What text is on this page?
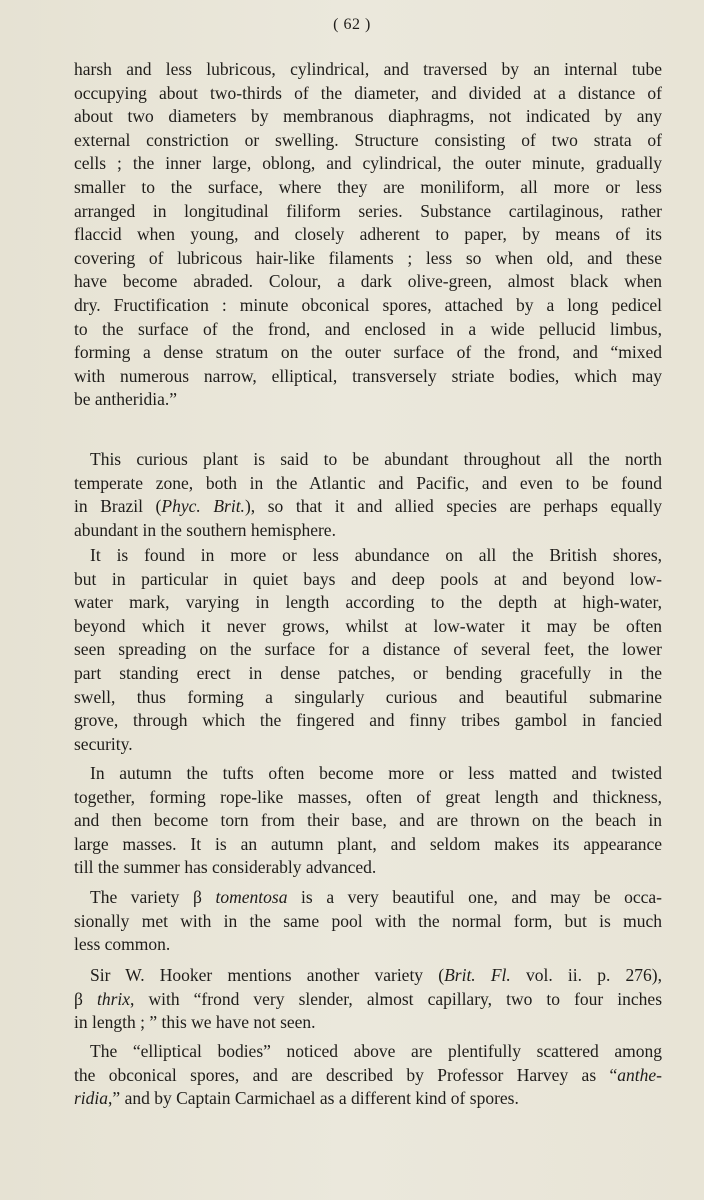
( 62 )

harsh and less lubricous, cylindrical, and traversed by an internal tube
occupying about two-thirds of the diameter, and divided at a distance of
about two diameters by membranous diaphragms, not indicated by any
external constriction or swelling. Structure consisting of two strata of
cells ; the inner large, oblong, and cylindrical, the outer minute, gradually
smaller to the surface, where they are moniliform, all more or less
arranged in longitudinal filiform series. Substance cartilaginous, rather
flaccid when young, and closely adherent to paper, by means of its
covering of lubricous hair-like filaments ; less so when old, and these
have become abraded. Colour, a dark olive-green, almost black when
dry. Fructification : minute obconical spores, attached by a long pedicel
to the surface of the frond, and enclosed in a wide pellucid limbus,
forming a dense stratum on the outer surface of the frond, and “mixed
with numerous narrow, elliptical, transversely striate bodies, which may
be antheridia.”

This curious plant is said to be abundant throughout all the north
temperate zone, both in the Atlantic and Pacific, and even to be found
in Brazil (Phyc. Brit.), so that it and allied species are perhaps equally
abundant in the southern hemisphere.

It is found in more or less abundance on all the British shores,
but in particular in quiet bays and deep pools at and beyond low-
water mark, varying in length according to the depth at high-water,
beyond which it never grows, whilst at low-water it may be often
seen spreading on the surface for a distance of several feet, the lower
part standing erect in dense patches, or bending gracefully in the
swell, thus forming a singularly curious and beautiful submarine
grove, through which the fingered and finny tribes gambol in fancied
security.

In autumn the tufts often become more or less matted and twisted
together, forming rope-like masses, often of great length and thickness,
and then become torn from their base, and are thrown on the beach in
large masses. It is an autumn plant, and seldom makes its appearance
till the summer has considerably advanced.

The variety β tomentosa is a very beautiful one, and may be occa-
sionally met with in the same pool with the normal form, but is much
less common.

Sir W. Hooker mentions another variety (Brit. Fl. vol. ii. p. 276),
β thrix, with “frond very slender, almost capillary, two to four inches
in length ; ” this we have not seen.

The “elliptical bodies” noticed above are plentifully scattered among
the obconical spores, and are described by Professor Harvey as “anthe-
ridia,” and by Captain Carmichael as a different kind of spores.
